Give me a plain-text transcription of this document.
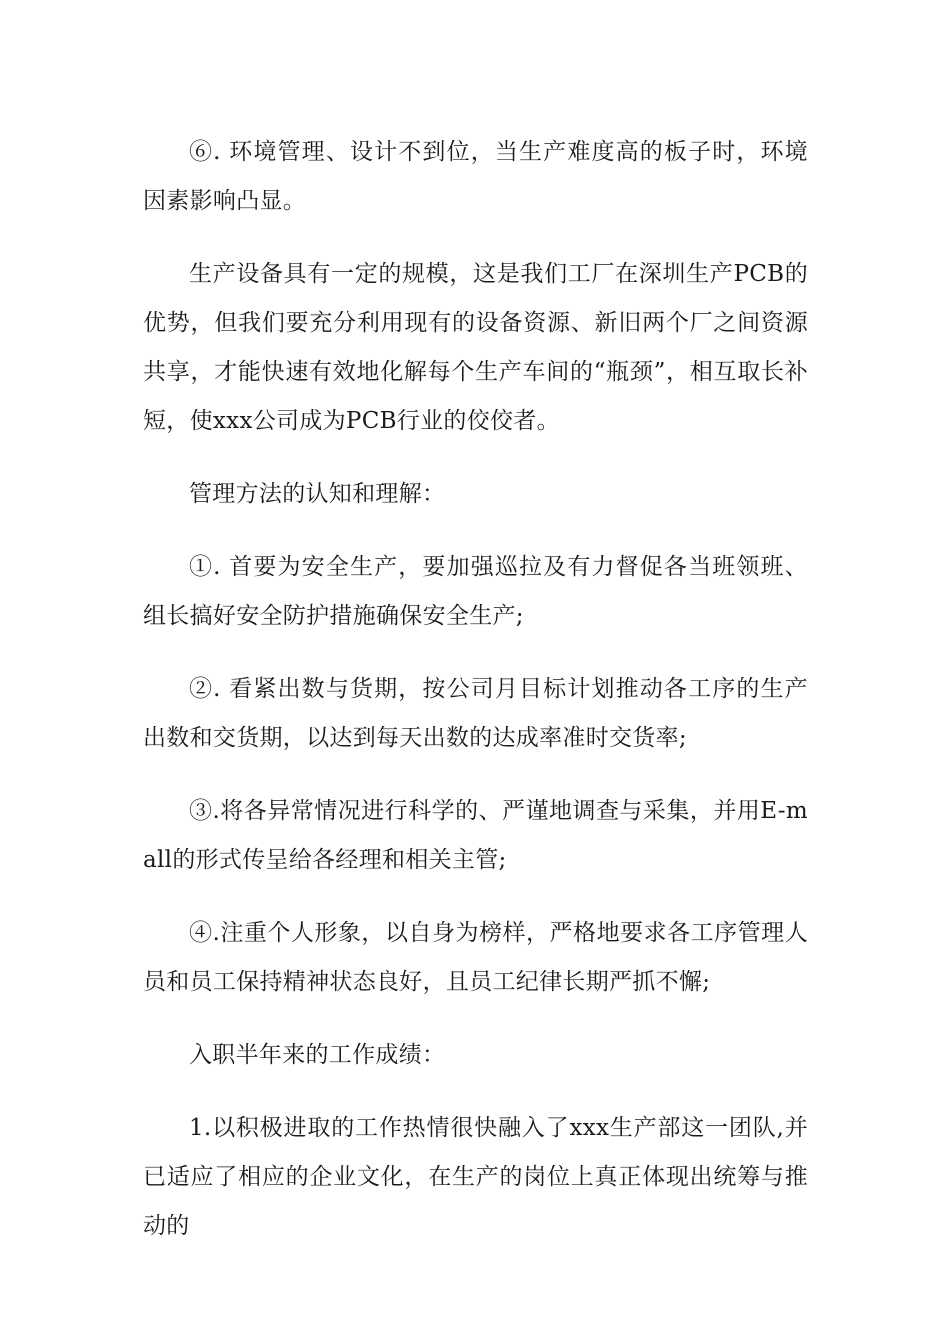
⑥. 环境管理、设计不到位，当生产难度高的板子时，环境因素影响凸显。

生产设备具有一定的规模，这是我们工厂在深圳生产PCB的优势，但我们要充分利用现有的设备资源、新旧两个厂之间资源共享，才能快速有效地化解每个生产车间的“瓶颈”，相互取长补短，使xxx公司成为PCB行业的佼佼者。

管理方法的认知和理解：

①. 首要为安全生产，要加强巡拉及有力督促各当班领班、组长搞好安全防护措施确保安全生产;

②. 看紧出数与货期，按公司月目标计划推动各工序的生产出数和交货期，以达到每天出数的达成率准时交货率;

③.将各异常情况进行科学的、严谨地调查与采集，并用E-mall的形式传呈给各经理和相关主管;

④.注重个人形象，以自身为榜样，严格地要求各工序管理人员和员工保持精神状态良好，且员工纪律长期严抓不懈;

入职半年来的工作成绩：

1.以积极进取的工作热情很快融入了xxx生产部这一团队,并已适应了相应的企业文化，在生产的岗位上真正体现出统筹与推动的
